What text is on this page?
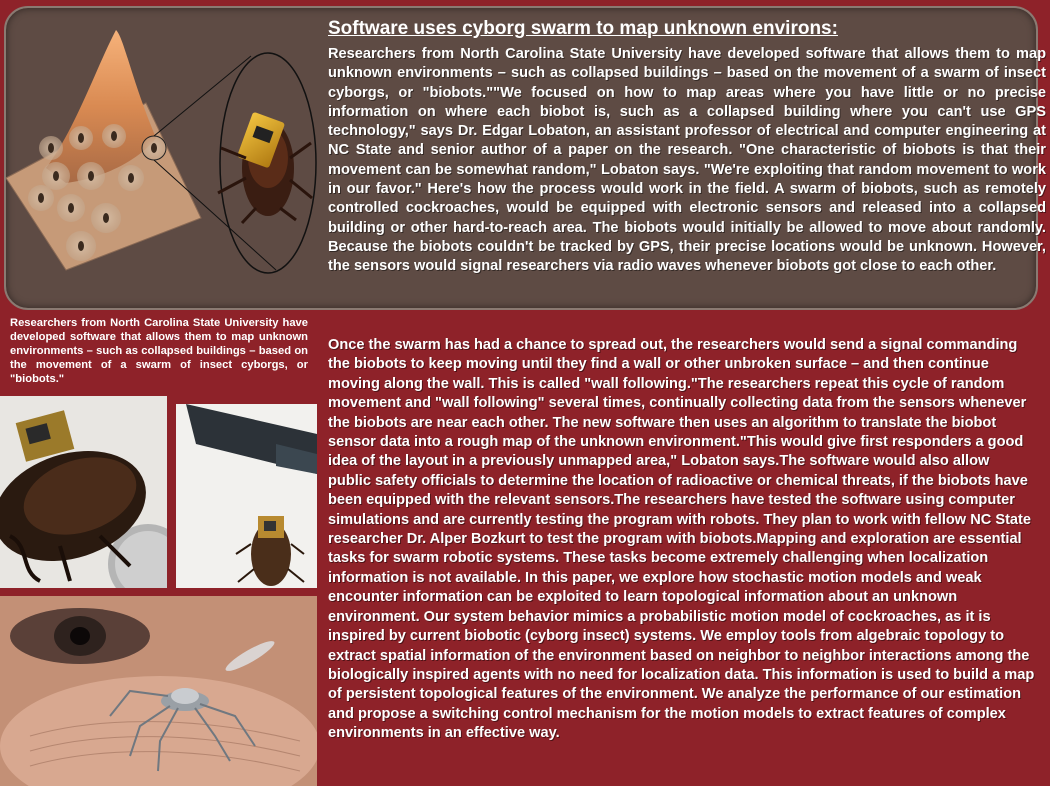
Software uses cyborg swarm to map unknown environs:

Researchers from North Carolina State University have developed software that allows them to map unknown environments – such as collapsed buildings – based on the movement of a swarm of insect cyborgs, or "biobots.""We focused on how to map areas where you have little or no precise information on where each biobot is, such as a collapsed building where you can't use GPS technology," says Dr. Edgar Lobaton, an assistant professor of electrical and computer engineering at NC State and senior author of a paper on the research. "One characteristic of biobots is that their movement can be somewhat random," Lobaton says. "We're exploiting that random movement to work in our favor." Here's how the process would work in the field. A swarm of biobots, such as remotely controlled cockroaches, would be equipped with electronic sensors and released into a collapsed building or other hard-to-reach area. The biobots would initially be allowed to move about randomly. Because the biobots couldn't be tracked by GPS, their precise locations would be unknown. However, the sensors would signal researchers via radio waves whenever biobots got close to each other.

Researchers from North Carolina State University have developed software that allows them to map unknown environments – such as collapsed buildings – based on the movement of a swarm of insect cyborgs, or "biobots."

Once the swarm has had a chance to spread out, the researchers would send a signal commanding the biobots to keep moving until they find a wall or other unbroken surface – and then continue moving along the wall. This is called "wall following."The researchers repeat this cycle of random movement and "wall following" several times, continually collecting data from the sensors whenever the biobots are near each other. The new software then uses an algorithm to translate the biobot sensor data into a rough map of the unknown environment."This would give first responders a good idea of the layout in a previously unmapped area," Lobaton says.The software would also allow public safety officials to determine the location of radioactive or chemical threats, if the biobots have been equipped with the relevant sensors.The researchers have tested the software using computer simulations and are currently testing the program with robots. They plan to work with fellow NC State researcher Dr. Alper Bozkurt to test the program with biobots.Mapping and exploration are essential tasks for swarm robotic systems. These tasks become extremely challenging when localization information is not available. In this paper, we explore how stochastic motion models and weak encounter information can be exploited to learn topological information about an unknown environment. Our system behavior mimics a probabilistic motion model of cockroaches, as it is inspired by current biobotic (cyborg insect) systems. We employ tools from algebraic topology to extract spatial information of the environment based on neighbor to neighbor interactions among the biologically inspired agents with no need for localization data. This information is used to build a map of persistent topological features of the environment. We analyze the performance of our estimation and propose a switching control mechanism for the motion models to extract features of complex environments in an effective way.
